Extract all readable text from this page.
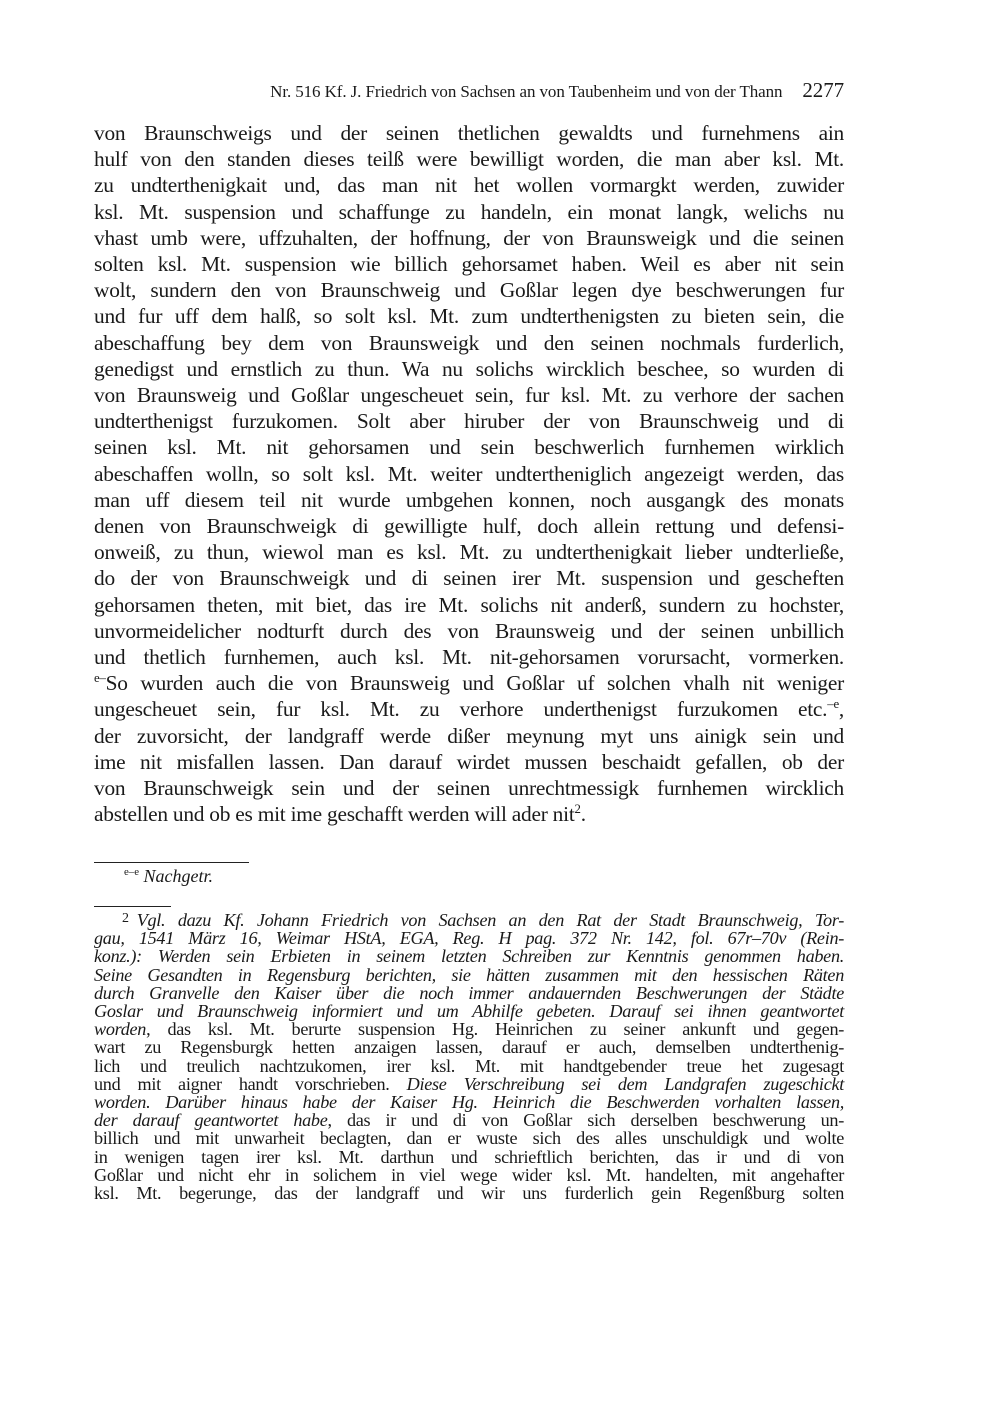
Nr. 516 Kf. J. Friedrich von Sachsen an von Taubenheim und von der Thann 2277
von Braunschweigs und der seinen thetlichen gewaldts und furnehmens ain
hulf von den standen dieses teilß were bewilligt worden, die man aber ksl. Mt.
zu undterthenigkait und, das man nit het wollen vormargkt werden, zuwider
ksl. Mt. suspension und schaffunge zu handeln, ein monat langk, welichs nu
vhast umb were, uffzuhalten, der hoffnung, der von Braunsweigk und die seinen
solten ksl. Mt. suspension wie billich gehorsamet haben. Weil es aber nit sein
wolt, sundern den von Braunschweig und Goßlar legen dye beschwerungen fur
und fur uff dem halß, so solt ksl. Mt. zum undterthenigsten zu bieten sein, die
abeschaffung bey dem von Braunsweigk und den seinen nochmals furderlich,
genedigst und ernstlich zu thun. Wa nu solichs wircklich beschee, so wurden di
von Braunsweig und Goßlar ungescheuet sein, fur ksl. Mt. zu verhore der sachen
undterthenigst furzukomen. Solt aber hiruber der von Braunschweig und di
seinen ksl. Mt. nit gehorsamen und sein beschwerlich furnhemen wirklich
abeschaffen wolln, so solt ksl. Mt. weiter undtertheniglich angezeigt werden, das
man uff diesem teil nit wurde umbgehen konnen, noch ausgangk des monats
denen von Braunschweigk di gewilligte hulf, doch allein rettung und defensi-
onweiß, zu thun, wiewol man es ksl. Mt. zu undterthenigkait lieber undterließe,
do der von Braunschweigk und di seinen irer Mt. suspension und gescheften
gehorsamen theten, mit biet, das ire Mt. solichs nit anderß, sundern zu hochster,
unvormeidelicher nodturft durch des von Braunsweig und der seinen unbillich
und thetlich furnhemen, auch ksl. Mt. nit-gehorsamen vorursacht, vormerken.
$^{e-}$So wurden auch die von Braunsweig und Goßlar uf solchen vhalh nit weniger
ungescheuet sein, fur ksl. Mt. zu verhore underthenigst furzukomen etc.$^{-e}$,
der zuvorsicht, der landgraff werde dißer meynung myt uns ainigk sein und
ime nit misfallen lassen. Dan darauf wirdet mussen beschaidt gefallen, ob der
von Braunschweigk sein und der seinen unrechtmessigk furnhemen wircklich
abstellen und ob es mit ime geschafft werden will ader nit$^2$.
$^{e-e}$ Nachgetr.
2 Vgl. dazu Kf. Johann Friedrich von Sachsen an den Rat der Stadt Braunschweig, Tor-
gau, 1541 März 16, Weimar HStA, EGA, Reg. H pag. 372 Nr. 142, fol. 67r–70v (Rein-
konz.): Werden sein Erbieten in seinem letzten Schreiben zur Kenntnis genommen haben.
Seine Gesandten in Regensburg berichten, sie hätten zusammen mit den hessischen Räten
durch Granvelle den Kaiser über die noch immer andauernden Beschwerungen der Städte
Goslar und Braunschweig informiert und um Abhilfe gebeten. Darauf sei ihnen geantwortet
worden, das ksl. Mt. berurte suspension Hg. Heinrichen zu seiner ankunft und gegen-
wart zu Regensburgk hetten anzaigen lassen, darauf er auch, demselben undterthenig-
lich und treulich nachtzukomen, irer ksl. Mt. mit handtgebender treue het zugesagt
und mit aigner handt vorschrieben. Diese Verschreibung sei dem Landgrafen zugeschickt
worden. Darüber hinaus habe der Kaiser Hg. Heinrich die Beschwerden vorhalten lassen,
der darauf geantwortet habe, das ir und di von Goßlar sich derselben beschwerung un-
billich und mit unwarheit beclagten, dan er wuste sich des alles unschuldigk und wolte
in wenigen tagen irer ksl. Mt. darthun und schrieftlich berichten, das ir und di von
Goßlar und nicht ehr in solichem in viel wege wider ksl. Mt. handelten, mit angehafter
ksl. Mt. begerunge, das der landgraff und wir uns furderlich gein Regenßburg solten
